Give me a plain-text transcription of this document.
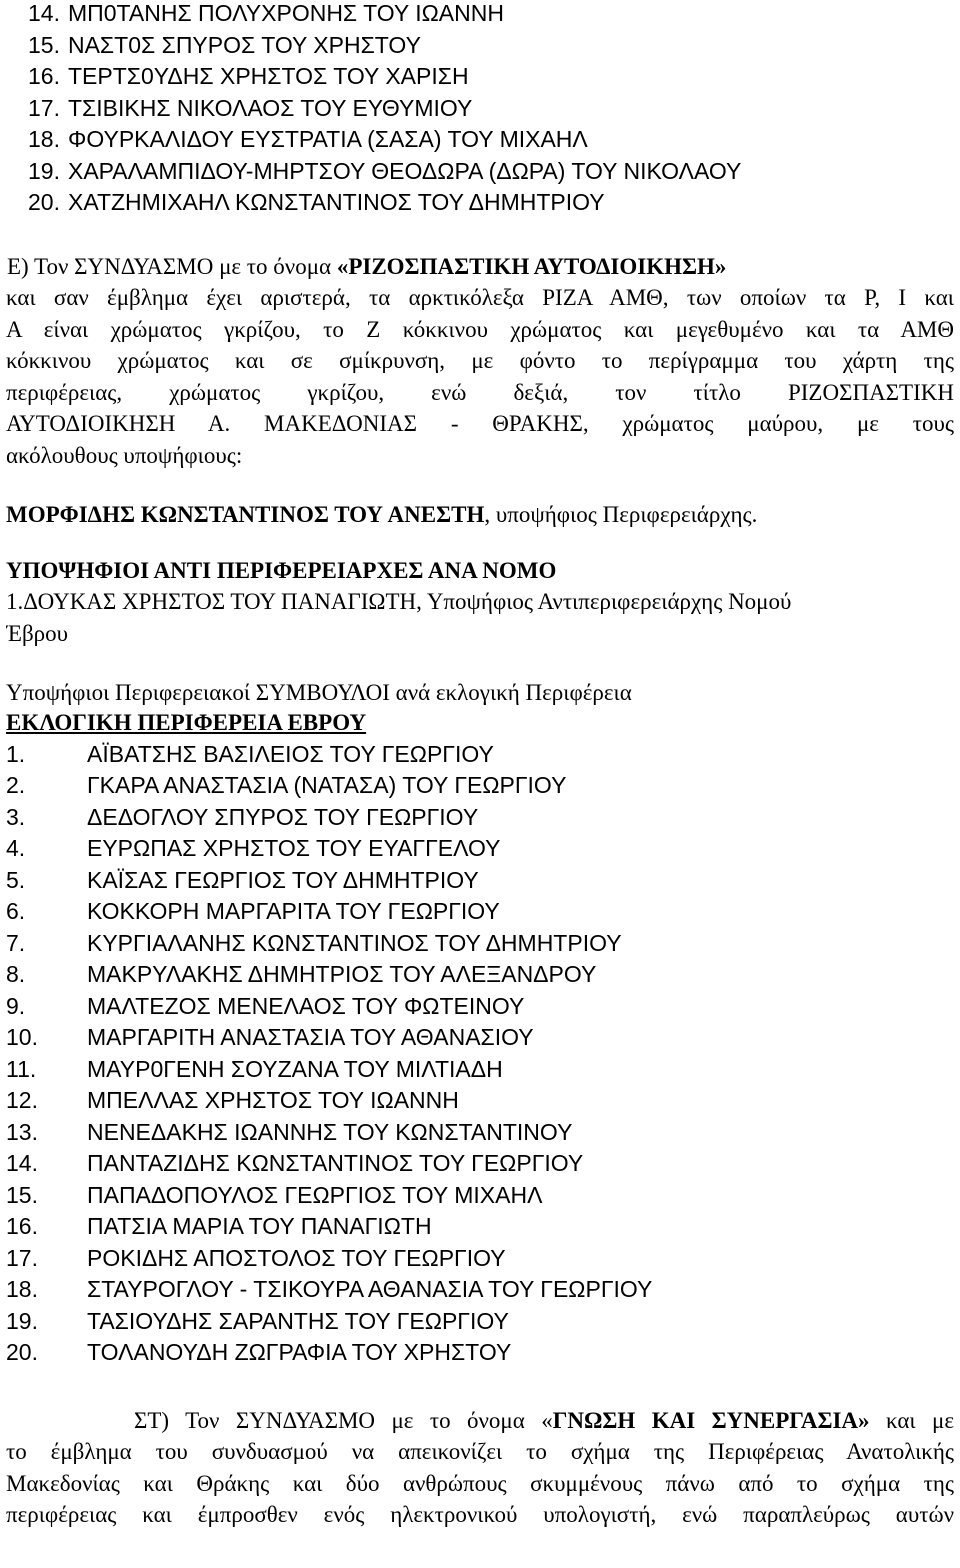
14. ΜΠ0ΤΑΝΗΣ ΠΟΛΥΧΡΟΝΗΣ ΤΟΥ ΙΩΑΝΝΗ
15. ΝΑΣΤ0Σ ΣΠΥΡΟΣ ΤΟΥ ΧΡΗΣΤΟΥ
16. ΤΕΡΤΣ0ΥΔΗΣ ΧΡΗΣΤΟΣ ΤΟΥ ΧΑΡΙΣΗ
17. ΤΣΙΒΙΚΗΣ ΝΙΚΟΛΑΟΣ ΤΟΥ ΕΥΘΥΜΙΟΥ
18. ΦΟΥΡΚΑΛΙΔΟΥ ΕΥΣΤΡΑΤΙΑ (ΣΑΣΑ) ΤΟΥ ΜΙΧΑΗΛ
19. ΧΑΡΑΛΑΜΠΙΔΟΥ-ΜΗΡΤΣΟΥ ΘΕΟΔΩΡΑ (ΔΩΡΑ) ΤΟΥ ΝΙΚΟΛΑΟΥ
20. ΧΑΤΖΗΜΙΧΑΗΛ ΚΩΝΣΤΑΝΤΙΝΟΣ ΤΟΥ ΔΗΜΗΤΡΙΟΥ
Ε) Τον ΣΥΝΔΥΑΣΜΟ με το όνομα «ΡΙΖΟΣΠΑΣΤΙΚΗ ΑΥΤΟΔΙΟΙΚΗΣΗ»
και σαν έμβλημα έχει αριστερά, τα αρκτικόλεξα ΡΙΖΑ ΑΜΘ, των οποίων τα Ρ, Ι και
Α είναι χρώματος γκρίζου, το Ζ κόκκινου χρώματος και μεγεθυμένο και τα ΑΜΘ
κόκκινου χρώματος και σε σμίκρυνση, με φόντο το περίγραμμα του χάρτη της
περιφέρειας, χρώματος γκρίζου, ενώ δεξιά, τον τίτλο ΡΙΖΟΣΠΑΣΤΙΚΗ
ΑΥΤΟΔΙΟΙΚΗΣΗ Α. ΜΑΚΕΔΟΝΙΑΣ - ΘΡΑΚΗΣ, χρώματος μαύρου, με τους
ακόλουθους υποψήφιους:
ΜΟΡΦΙΔΗΣ ΚΩΝΣΤΑΝΤΙΝΟΣ ΤΟΥ ΑΝΕΣΤΗ, υποψήφιος Περιφερειάρχης.
ΥΠΟΨΗΦΙΟΙ ΑΝΤΙ ΠΕΡΙΦΕΡΕΙΑΡΧΕΣ ΑΝΑ ΝΟΜΟ
1.ΔΟΥΚΑΣ ΧΡΗΣΤΟΣ ΤΟΥ ΠΑΝΑΓΙΩΤΗ, Υποψήφιος Αντιπεριφερειάρχης Νομού
Έβρου
Υποψήφιοι Περιφερειακοί ΣΥΜΒΟΥΛΟΙ ανά εκλογική Περιφέρεια
ΕΚΛΟΓΙΚΗ ΠΕΡΙΦΕΡΕΙΑ ΕΒΡΟΥ
1.	ΑΪΒΑΤΣΗΣ ΒΑΣΙΛΕΙΟΣ ΤΟΥ ΓΕΩΡΓΙΟΥ
2.	ΓΚΑΡΑ ΑΝΑΣΤΑΣΙΑ (ΝΑΤΑΣΑ) ΤΟΥ ΓΕΩΡΓΙΟΥ
3.	ΔΕΔΟΓΛΟΥ ΣΠΥΡΟΣ ΤΟΥ ΓΕΩΡΓΙΟΥ
4.	ΕΥΡΩΠΑΣ ΧΡΗΣΤΟΣ ΤΟΥ ΕΥΑΓΓΕΛΟΥ
5.	ΚΑΪΣΑΣ ΓΕΩΡΓΙΟΣ ΤΟΥ ΔΗΜΗΤΡΙΟΥ
6.	ΚΟΚΚΟΡΗ ΜΑΡΓΑΡΙΤΑ ΤΟΥ ΓΕΩΡΓΙΟΥ
7.	ΚΥΡΓΙΑΛΑΝΗΣ ΚΩΝΣΤΑΝΤΙΝΟΣ ΤΟΥ ΔΗΜΗΤΡΙΟΥ
8.	ΜΑΚΡΥΛΑΚΗΣ ΔΗΜΗΤΡΙΟΣ ΤΟΥ ΑΛΕΞΑΝΔΡΟΥ
9.	ΜΑΛΤΕΖΟΣ ΜΕΝΕΛΑΟΣ ΤΟΥ ΦΩΤΕΙΝΟΥ
10.	ΜΑΡΓΑΡΙΤΗ ΑΝΑΣΤΑΣΙΑ ΤΟΥ ΑΘΑΝΑΣΙΟΥ
11.	ΜΑΥΡ0ΓΕΝΗ ΣΟΥΖΑΝΑ ΤΟΥ ΜΙΛΤΙΑΔΗ
12.	ΜΠΕΛΛΑΣ ΧΡΗΣΤΟΣ ΤΟΥ ΙΩΑΝΝΗ
13.	ΝΕΝΕΔΑΚΗΣ ΙΩΑΝΝΗΣ ΤΟΥ ΚΩΝΣΤΑΝΤΙΝΟΥ
14.	ΠΑΝΤΑΖΙΔΗΣ ΚΩΝΣΤΑΝΤΙΝΟΣ ΤΟΥ ΓΕΩΡΓΙΟΥ
15.	ΠΑΠΑΔΟΠΟΥΛΟΣ ΓΕΩΡΓΙΟΣ ΤΟΥ ΜΙΧΑΗΛ
16.	ΠΑΤΣΙΑ ΜΑΡΙΑ ΤΟΥ ΠΑΝΑΓΙΩΤΗ
17.	ΡΟΚΙΔΗΣ ΑΠΟΣΤΟΛΟΣ ΤΟΥ ΓΕΩΡΓΙΟΥ
18.	ΣΤΑΥΡΟΓΛΟΥ - ΤΣΙΚΟΥΡΑ ΑΘΑΝΑΣΙΑ ΤΟΥ ΓΕΩΡΓΙΟΥ
19.	ΤΑΣΙΟΥΔΗΣ ΣΑΡΑΝΤΗΣ ΤΟΥ ΓΕΩΡΓΙΟΥ
20.	ΤΟΛΑΝΟΥΔΗ ΖΩΓΡΑΦΙΑ ΤΟΥ ΧΡΗΣΤΟΥ
ΣΤ) Τον ΣΥΝΔΥΑΣΜΟ με το όνομα «ΓΝΩΣΗ ΚΑΙ ΣΥΝΕΡΓΑΣΙΑ» και με
το έμβλημα του συνδυασμού να απεικονίζει το σχήμα της Περιφέρειας Ανατολικής
Μακεδονίας και Θράκης και δύο ανθρώπους σκυμμένους πάνω από το σχήμα της
περιφέρειας και έμπροσθεν ενός ηλεκτρονικού υπολογιστή, ενώ παραπλεύρως αυτών
